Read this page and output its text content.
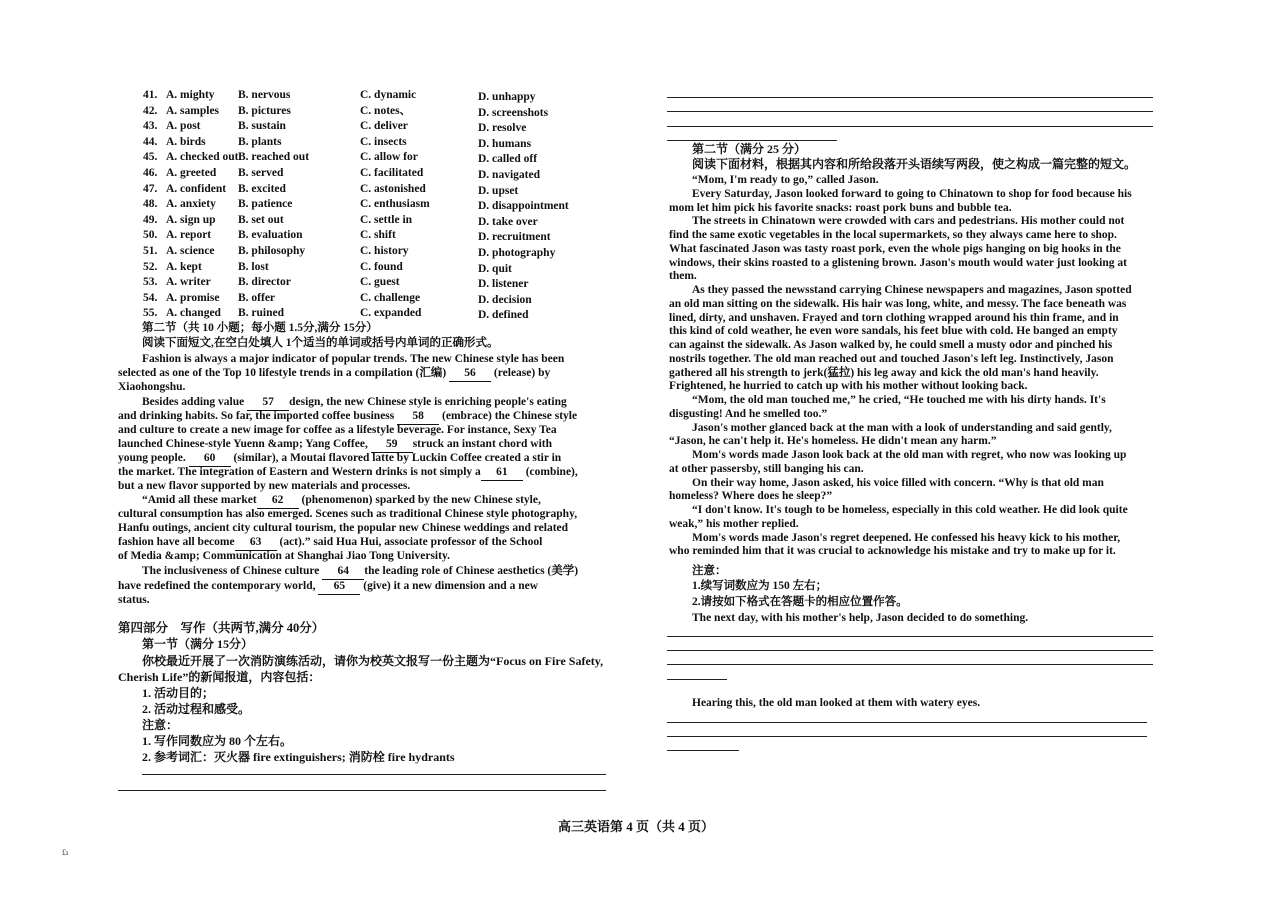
41. A. mighty B. nervous	C. dynamic	D. unhappy
42. A. samples B. pictures	C. notes、	D. screenshots
43. A. post	B. sustain	C. deliver	D. resolve
44. A. birds	B. plants	C. insects	D. humans
45. A. checked out B. reached out	C. allow for	D. called off
46. A. greeted B. served	C. facilitated	D. navigated
47. A. confident B. excited	C. astonished	D. upset
48. A. anxiety B. patience	C. enthusiasm	D. disappointment
49. A. sign up B. set out	C. settle in	D. take over
50. A. report B. evaluation	C. shift	D. recruitment
51. A. science B. philosophy	C. history	D. photography
52. A. kept	B. lost	C. found	D. quit
53. A. writer B. director	C. guest	D. listener
54. A. promise B. offer	C. challenge	D. decision
55. A. changed B. ruined	C. expanded	D. defined
第二节（共 10 小题；每小题 1.5分,满分 15分）
阅读下面短文,在空白处填人 1个适当的单词或括号内单词的正确形式。
Fashion is always a major indicator of popular trends. The new Chinese style has been
selected as one of the Top 10 lifestyle trends in a compilation (汇编) 56 (release) by
Xiaohongshu.
Besides adding value 57 design, the new Chinese style is enriching people's eating
and drinking habits. So far, the imported coffee business 58 (embrace) the Chinese style
and culture to create a new image for coffee as a lifestyle beverage. For instance, Sexy Tea
launched Chinese-style Yuenn &amp; Yang Coffee, 59 struck an instant chord with
young people. 60 (similar), a Moutai flavored latte by Luckin Coffee created a stir in
the market. The integration of Eastern and Western drinks is not simply a 61 (combine),
but a new flavor supported by new materials and processes.
“Amid all these market 62 (phenomenon) sparked by the new Chinese style,
cultural consumption has also emerged. Scenes such as traditional Chinese style photography,
Hanfu outings, ancient city cultural tourism, the popular new Chinese weddings and related
fashion have all become 63 (act).” said Hua Hui, associate professor of the School
of Media &amp; Communication at Shanghai Jiao Tong University.
The inclusiveness of Chinese culture 64 the leading role of Chinese aesthetics (美学)
have redefined the contemporary world, 65 (give) it a new dimension and a new
status.
第四部分　写作（共两节,满分 40分）
第一节（满分 15分）
你校最近开展了一次消防演练活动，请你为校英文报写一份主题为“Focus on Fire Safety,
Cherish Life”的新闻报道，内容包括：
1. 活动目的；
2. 活动过程和感受。
注意：
1. 写作同数应为 80 个左右。
2. 参考词汇：灭火器 fire extinguishers; 消防栓 fire hydrants
第二节（满分 25 分）
阅读下面材料，根据其内容和所给段落开头语续写两段，使之构成一篇完整的短文。
“Mom, I'm ready to go,” called Jason.
Every Saturday, Jason looked forward to going to Chinatown to shop for food because his
mom let him pick his favorite snacks: roast pork buns and bubble tea.
The streets in Chinatown were crowded with cars and pedestrians. His mother could not
find the same exotic vegetables in the local supermarkets, so they always came here to shop.
What fascinated Jason was tasty roast pork, even the whole pigs hanging on big hooks in the
windows, their skins roasted to a glistening brown. Jason's mouth would water just looking at
them.
As they passed the newsstand carrying Chinese newspapers and magazines, Jason spotted
an old man sitting on the sidewalk. His hair was long, white, and messy. The face beneath was
lined, dirty, and unshaven. Frayed and torn clothing wrapped around his thin frame, and in
this kind of cold weather, he even wore sandals, his feet blue with cold. He banged an empty
can against the sidewalk. As Jason walked by, he could smell a musty odor and pinched his
nostrils together. The old man reached out and touched Jason's left leg. Instinctively, Jason
gathered all his strength to jerk(猛拉) his leg away and kick the old man's hand heavily.
Frightened, he hurried to catch up with his mother without looking back.
“Mom, the old man touched me,” he cried, “He touched me with his dirty hands. It's
disgusting! And he smelled too.”
Jason's mother glanced back at the man with a look of understanding and said gently,
“Jason, he can't help it. He's homeless. He didn't mean any harm.”
Mom's words made Jason look back at the old man with regret, who now was looking up
at other passersby, still banging his can.
On their way home, Jason asked, his voice filled with concern. “Why is that old man
homeless? Where does he sleep?”
“I don't know. It's tough to be homeless, especially in this cold weather. He did look quite
weak,” his mother replied.
Mom's words made Jason's regret deepened. He confessed his heavy kick to his mother,
who reminded him that it was crucial to acknowledge his mistake and try to make up for it.
注意：
1.续写词数应为 150 左右；
2.请按如下格式在答题卡的相应位置作答。
The next day, with his mother's help, Jason decided to do something.
Hearing this, the old man looked at them with watery eyes.
高三英语第 4 页（共 4 页）
£ı
